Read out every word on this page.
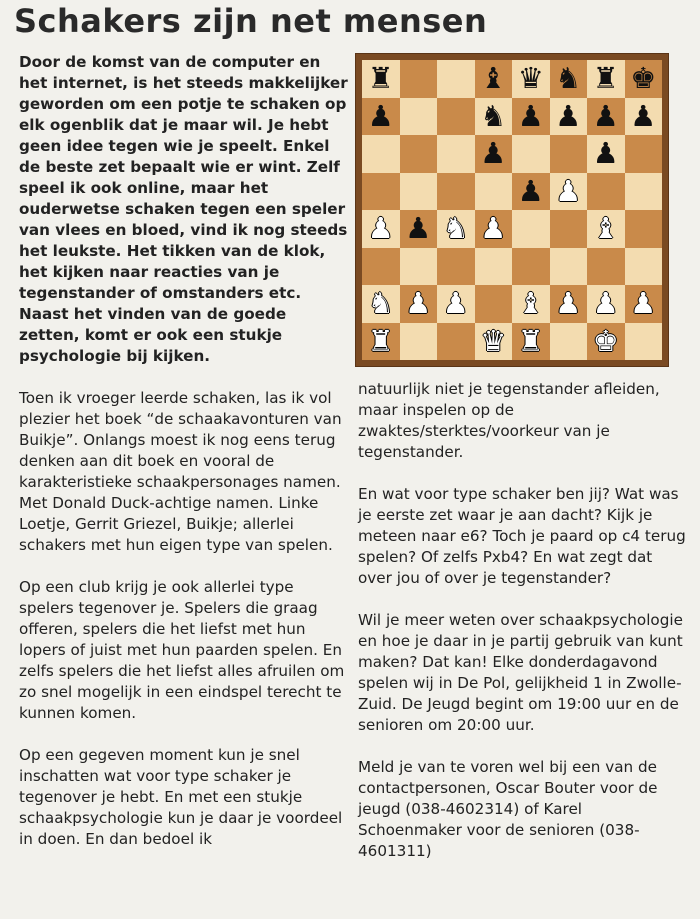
Schakers zijn net mensen

Door de komst van de computer en het internet, is het steeds makkelijker geworden om een potje te schaken op elk ogenblik dat je maar wil. Je hebt geen idee tegen wie je speelt. Enkel de beste zet bepaalt wie er wint. Zelf speel ik ook online, maar het ouderwetse schaken tegen een speler van vlees en bloed, vind ik nog steeds het leukste. Het tikken van de klok, het kijken naar reacties van je tegenstander of omstanders etc. Naast het vinden van de goede zetten, komt er ook een stukje psychologie bij kijken.

Toen ik vroeger leerde schaken, las ik vol plezier het boek “de schaakavonturen van Buikje”. Onlangs moest ik nog eens terug denken aan dit boek en vooral de karakteristieke schaakpersonages namen. Met Donald Duck-achtige namen. Linke Loetje, Gerrit Griezel, Buikje; allerlei schakers met hun eigen type van spelen.

Op een club krijg je ook allerlei type spelers tegenover je. Spelers die graag offeren, spelers die het liefst met hun lopers of juist met hun paarden spelen. En zelfs spelers die het liefst alles afruilen om zo snel mogelijk in een eindspel terecht te kunnen komen.

Op een gegeven moment kun je snel inschatten wat voor type schaker je tegenover je hebt. En met een stukje schaakpsychologie kun je daar je voordeel in doen. En dan bedoel ik

♜	♝ ♛ ♞ ♜ ♚
♟	♞ ♟ ♟ ♟ ♟
♟	♟
♟ ♟
♟ ♟ ♞ ♟	♝
♞ ♟ ♟ ♝ ♟ ♟ ♟
♜	♛ ♜ ♚

natuurlijk niet je tegenstander afleiden, maar inspelen op de zwaktes/sterktes/voorkeur van je tegenstander.

En wat voor type schaker ben jij? Wat was je eerste zet waar je aan dacht? Kijk je meteen naar e6? Toch je paard op c4 terug spelen? Of zelfs Pxb4? En wat zegt dat over jou of over je tegenstander?

Wil je meer weten over schaakpsychologie en hoe je daar in je partij gebruik van kunt maken? Dat kan! Elke donderdagavond spelen wij in De Pol, gelijkheid 1 in Zwolle-Zuid. De Jeugd begint om 19:00 uur en de senioren om 20:00 uur.

Meld je van te voren wel bij een van de contactpersonen, Oscar Bouter voor de jeugd (038-4602314) of Karel Schoenmaker voor de senioren (038-4601311)
